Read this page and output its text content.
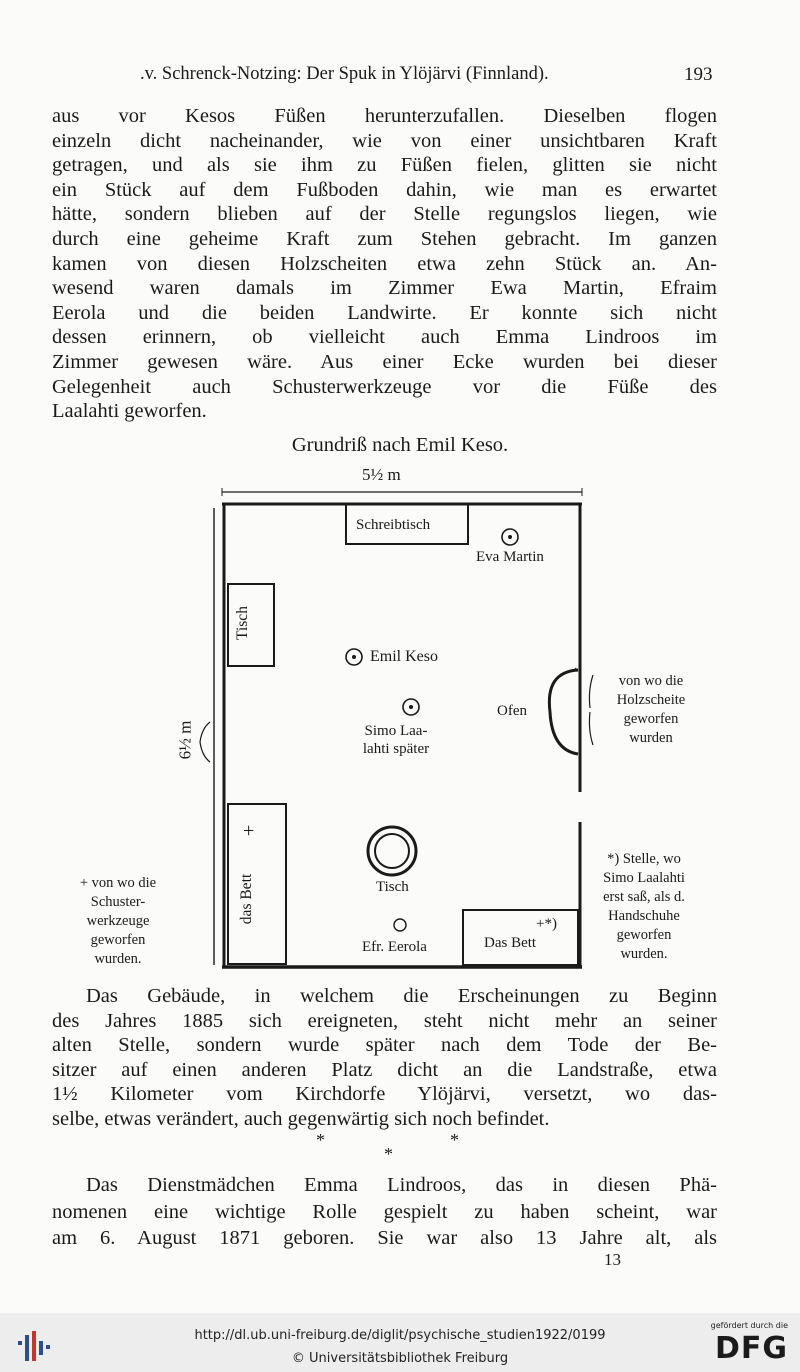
.v. Schrenck-Notzing: Der Spuk in Ylöjärvi (Finnland).	193
aus vor Kesos Füßen herunterzufallen. Dieselben flogen
einzeln dicht nacheinander, wie von einer unsichtbaren Kraft
getragen, und als sie ihm zu Füßen fielen, glitten sie nicht
ein Stück auf dem Fußboden dahin, wie man es erwartet
hätte, sondern blieben auf der Stelle regungslos liegen, wie
durch eine geheime Kraft zum Stehen gebracht. Im ganzen
kamen von diesen Holzscheiten etwa zehn Stück an. An-
wesend waren damals im Zimmer Ewa Martin, Efraim
Eerola und die beiden Landwirte. Er konnte sich nicht
dessen erinnern, ob vielleicht auch Emma Lindroos im
Zimmer gewesen wäre. Aus einer Ecke wurden bei dieser
Gelegenheit auch Schusterwerkzeuge vor die Füße des
Laalahti geworfen.
Grundriß nach Emil Keso.
5½ m
6½ m
Schreibtisch
Eva Martin
Tisch
Emil Keso
Simo Laa-
lahti später
Ofen
von wo die
Holzscheite
geworfen
wurden
+
das Bett	Tisch
Efr. Eerola	Das Bett
+*)
+ von wo die
Schuster-
werkzeuge
geworfen
wurden.
*) Stelle, wo
Simo Laalahti
erst saß, als d.
Handschuhe
geworfen
wurden.
Das Gebäude, in welchem die Erscheinungen zu Beginn
des Jahres 1885 sich ereigneten, steht nicht mehr an seiner
alten Stelle, sondern wurde später nach dem Tode der Be-
sitzer auf einen anderen Platz dicht an die Landstraße, etwa
1½ Kilometer vom Kirchdorfe Ylöjärvi, versetzt, wo das-
selbe, etwas verändert, auch gegenwärtig sich noch befindet.
*
*
*
Das Dienstmädchen Emma Lindroos, das in diesen Phä-
nomenen eine wichtige Rolle gespielt zu haben scheint, war
am 6. August 1871 geboren. Sie war also 13 Jahre alt, als
13
http://dl.ub.uni-freiburg.de/diglit/psychische_studien1922/0199
© Universitätsbibliothek Freiburg
gefördert durch die
DFG
